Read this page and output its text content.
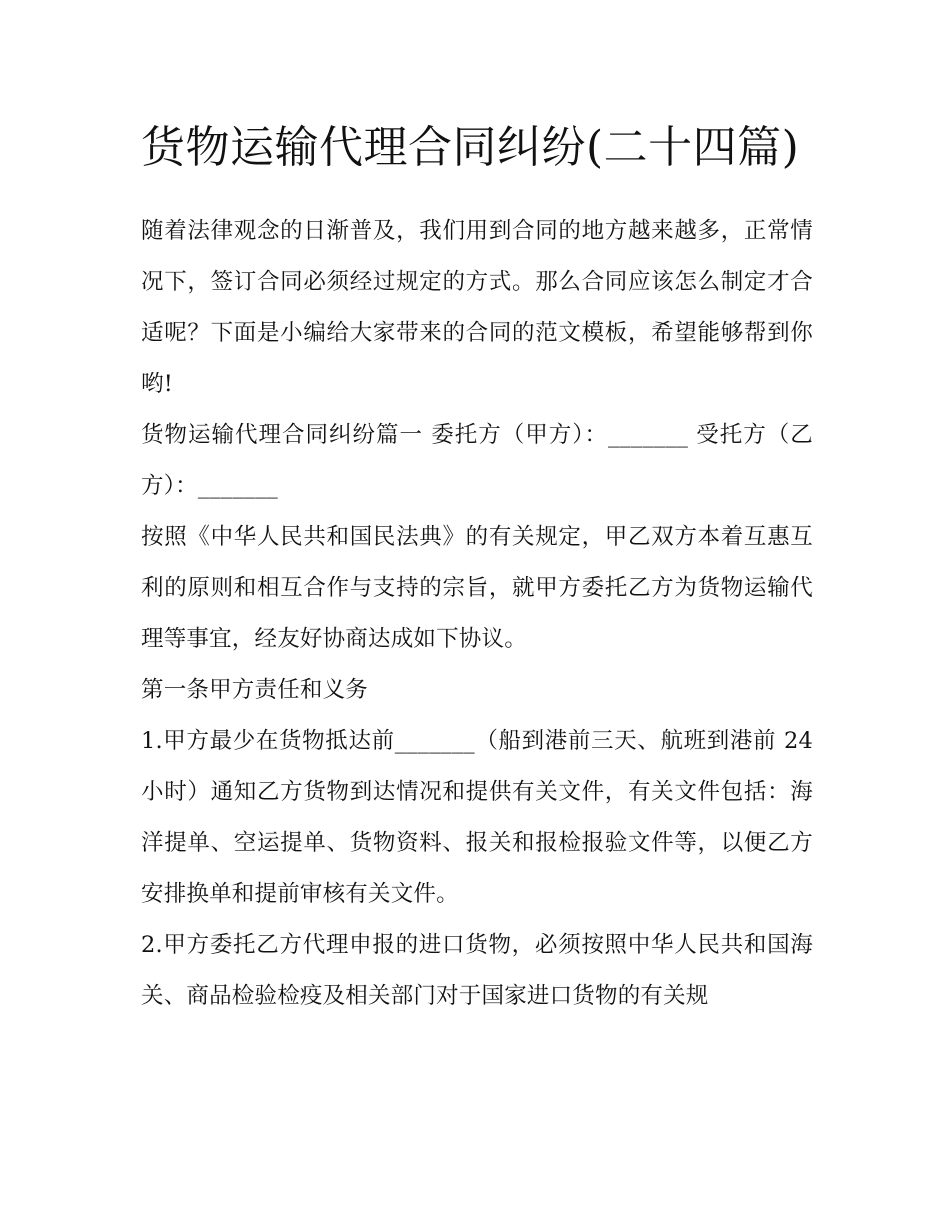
货物运输代理合同纠纷(二十四篇)

随着法律观念的日渐普及，我们用到合同的地方越来越多，正常情况下，签订合同必须经过规定的方式。那么合同应该怎么制定才合适呢？下面是小编给大家带来的合同的范文模板，希望能够帮到你哟!

货物运输代理合同纠纷篇一 委托方（甲方）：_______ 受托方（乙方）：_______

按照《中华人民共和国民法典》的有关规定，甲乙双方本着互惠互利的原则和相互合作与支持的宗旨，就甲方委托乙方为货物运输代理等事宜，经友好协商达成如下协议。

第一条甲方责任和义务

1.甲方最少在货物抵达前_______（船到港前三天、航班到港前 24 小时）通知乙方货物到达情况和提供有关文件，有关文件包括：海洋提单、空运提单、货物资料、报关和报检报验文件等，以便乙方安排换单和提前审核有关文件。

2.甲方委托乙方代理申报的进口货物，必须按照中华人民共和国海关、商品检验检疫及相关部门对于国家进口货物的有关规
